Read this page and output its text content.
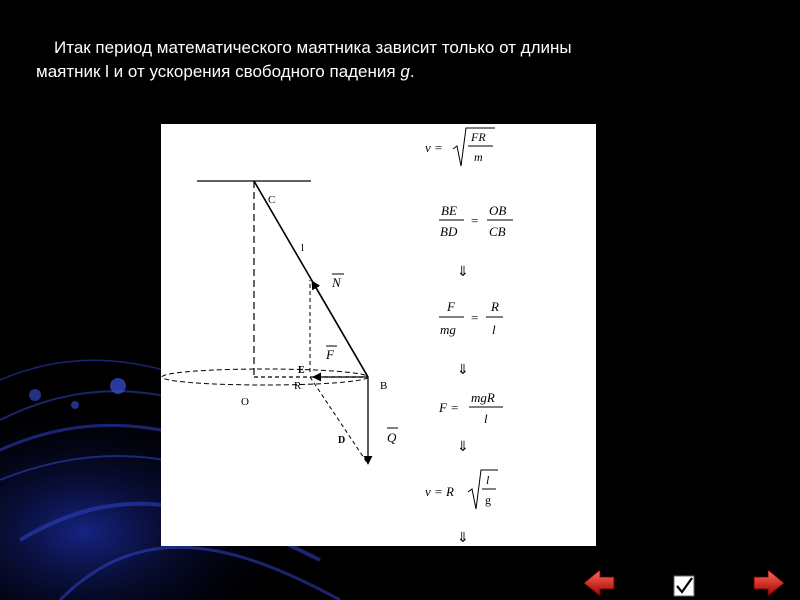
Итак период математического маятника зависит только от длины
маятник l и от ускорения свободного падения g.
C
l
N
F
E
R	B
O
D	Q
ν =
FR
m
BE
BD
=
OB
CB
⇓
F
mg
=
R
l
⇓
F =
mgR
l
⇓
ν = R
l
g
⇓
